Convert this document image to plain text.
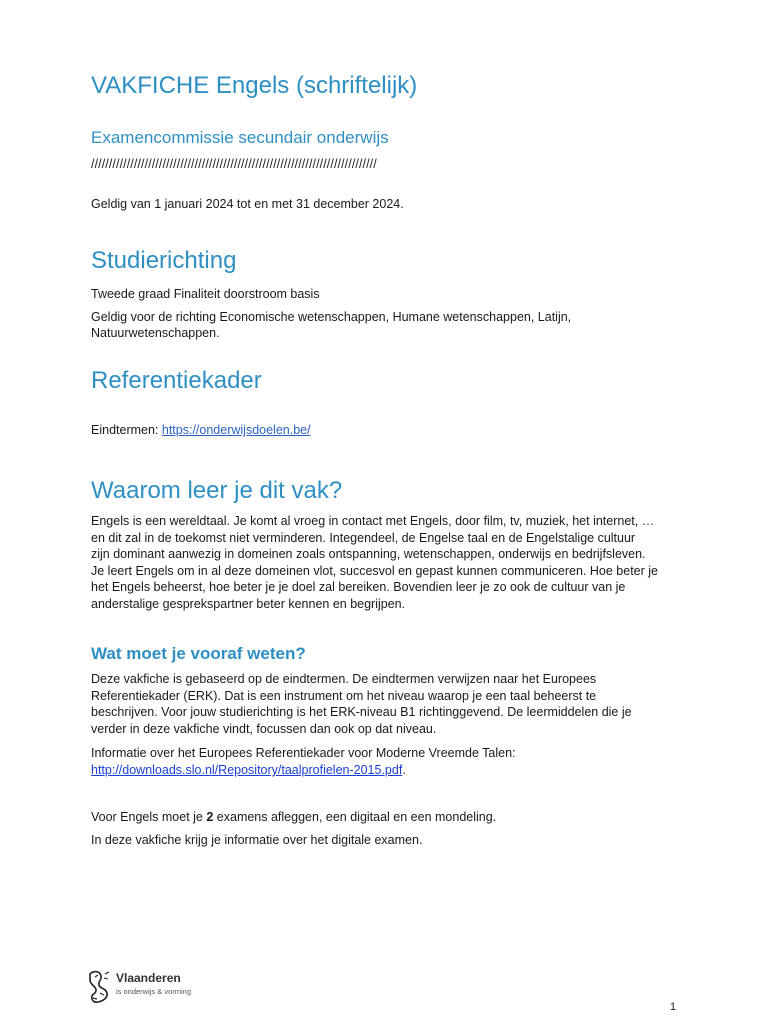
VAKFICHE Engels (schriftelijk)
Examencommissie secundair onderwijs
////////////////////////////////////////////////////////////////////////////////
Geldig van 1 januari 2024 tot en met 31 december 2024.
Studierichting
Tweede graad Finaliteit doorstroom basis
Geldig voor de richting Economische wetenschappen, Humane wetenschappen, Latijn,
Natuurwetenschappen.
Referentiekader
Eindtermen: https://onderwijsdoelen.be/
Waarom leer je dit vak?
Engels is een wereldtaal. Je komt al vroeg in contact met Engels, door film, tv, muziek, het internet, …
en dit zal in de toekomst niet verminderen. Integendeel, de Engelse taal en de Engelstalige cultuur
zijn dominant aanwezig in domeinen zoals ontspanning, wetenschappen, onderwijs en bedrijfsleven.
Je leert Engels om in al deze domeinen vlot, succesvol en gepast kunnen communiceren. Hoe beter je
het Engels beheerst, hoe beter je je doel zal bereiken. Bovendien leer je zo ook de cultuur van je
anderstalige gesprekspartner beter kennen en begrijpen.
Wat moet je vooraf weten?
Deze vakfiche is gebaseerd op de eindtermen. De eindtermen verwijzen naar het Europees
Referentiekader (ERK). Dat is een instrument om het niveau waarop je een taal beheerst te
beschrijven. Voor jouw studierichting is het ERK-niveau B1 richtinggevend. De leermiddelen die je
verder in deze vakfiche vindt, focussen dan ook op dat niveau.
Informatie over het Europees Referentiekader voor Moderne Vreemde Talen:
http://downloads.slo.nl/Repository/taalprofielen-2015.pdf.
Voor Engels moet je 2 examens afleggen, een digitaal en een mondeling.
In deze vakfiche krijg je informatie over het digitale examen.
Vlaanderen
is onderwijs & vorming
1
